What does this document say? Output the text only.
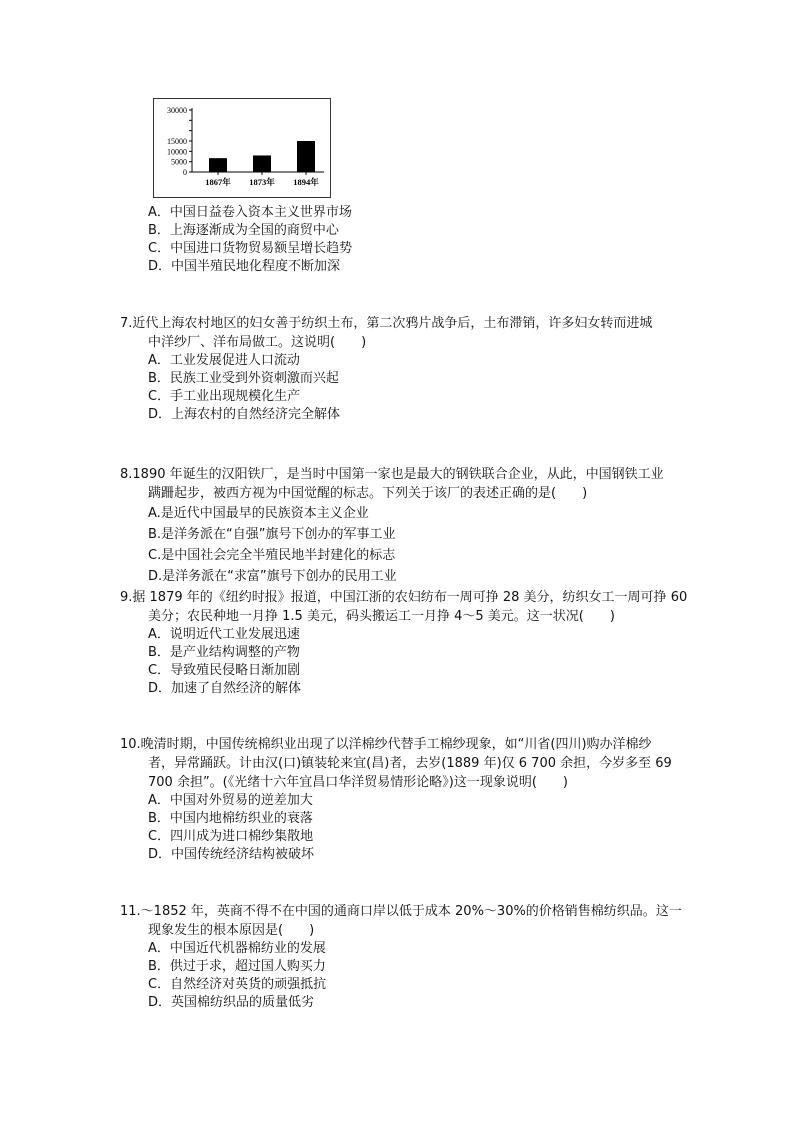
0
5000
10000
15000
30000
1867年 1873年 1894年
A．中国日益卷入资本主义世界市场
B．上海逐渐成为全国的商贸中心
C．中国进口货物贸易额呈增长趋势
D．中国半殖民地化程度不断加深
7.近代上海农村地区的妇女善于纺织土布，第二次鸦片战争后，土布滞销，许多妇女转而进城
中洋纱厂、洋布局做工。这说明(　　)
A．工业发展促进人口流动
B．民族工业受到外资刺激而兴起
C．手工业出现规模化生产
D．上海农村的自然经济完全解体
8.1890 年诞生的汉阳铁厂，是当时中国第一家也是最大的钢铁联合企业，从此，中国钢铁工业
蹒跚起步，被西方视为中国觉醒的标志。下列关于该厂的表述正确的是(　　)
A.是近代中国最早的民族资本主义企业
B.是洋务派在“自强”旗号下创办的军事工业
C.是中国社会完全半殖民地半封建化的标志
D.是洋务派在“求富”旗号下创办的民用工业
9.据 1879 年的《纽约时报》报道，中国江浙的农妇纺布一周可挣 28 美分，纺织女工一周可挣 60
美分；农民种地一月挣 1.5 美元，码头搬运工一月挣 4～5 美元。这一状况(　　)
A．说明近代工业发展迅速
B．是产业结构调整的产物
C．导致殖民侵略日渐加剧
D．加速了自然经济的解体
10.晚清时期，中国传统棉织业出现了以洋棉纱代替手工棉纱现象，如“川省(四川)购办洋棉纱
者，异常踊跃。计由汉(口)镇装轮来宜(昌)者，去岁(1889 年)仅 6 700 余担，今岁多至 69
700 余担”。(《光绪十六年宜昌口华洋贸易情形论略》)这一现象说明(　　)
A．中国对外贸易的逆差加大
B．中国内地棉纺织业的衰落
C．四川成为进口棉纱集散地
D．中国传统经济结构被破坏
11.～1852 年，英商不得不在中国的通商口岸以低于成本 20%～30%的价格销售棉纺织品。这一
现象发生的根本原因是(　　)
A．中国近代机器棉纺业的发展
B．供过于求，超过国人购买力
C．自然经济对英货的顽强抵抗
D．英国棉纺织品的质量低劣
